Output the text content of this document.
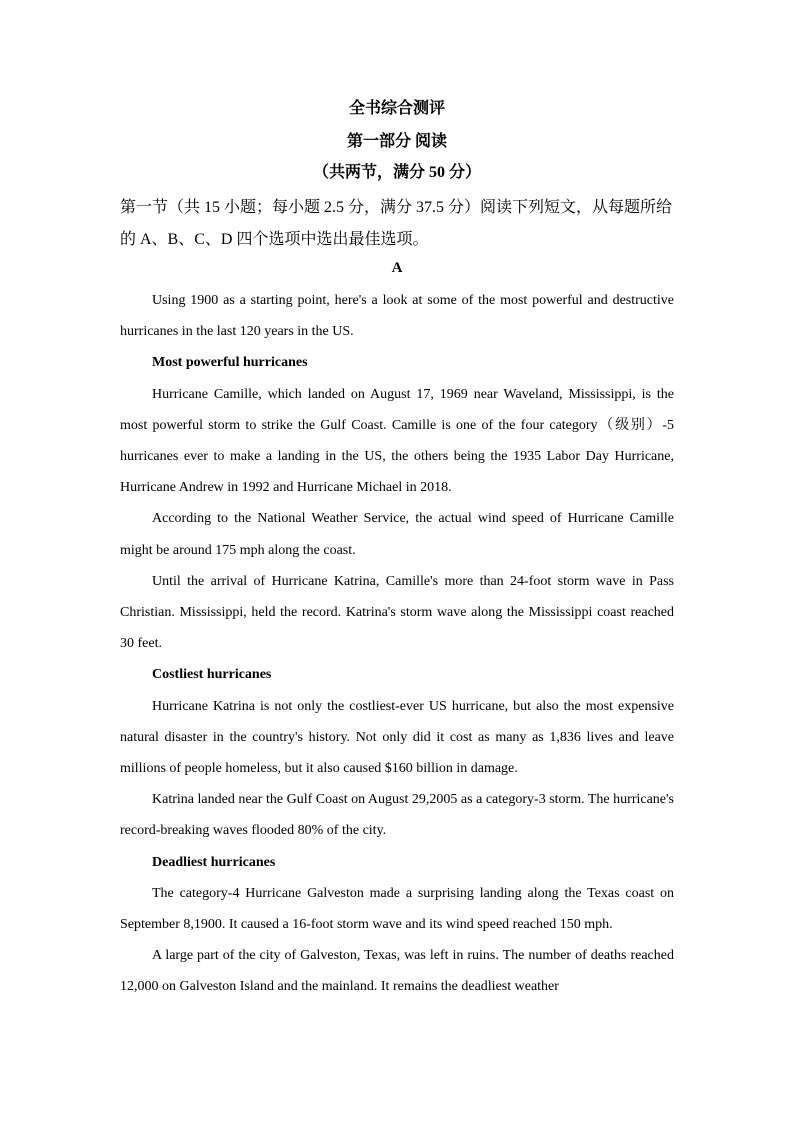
全书综合测评
第一部分 阅读
（共两节，满分 50 分）
第一节（共 15 小题；每小题 2.5 分，满分 37.5 分）阅读下列短文，从每题所给的 A、B、C、D 四个选项中选出最佳选项。
A

Using 1900 as a starting point, here's a look at some of the most powerful and destructive hurricanes in the last 120 years in the US.

Most powerful hurricanes

Hurricane Camille, which landed on August 17, 1969 near Waveland, Mississippi, is the most powerful storm to strike the Gulf Coast. Camille is one of the four category（级别）-5 hurricanes ever to make a landing in the US, the others being the 1935 Labor Day Hurricane, Hurricane Andrew in 1992 and Hurricane Michael in 2018.

According to the National Weather Service, the actual wind speed of Hurricane Camille might be around 175 mph along the coast.

Until the arrival of Hurricane Katrina, Camille's more than 24-foot storm wave in Pass Christian. Mississippi, held the record. Katrina's storm wave along the Mississippi coast reached 30 feet.

Costliest hurricanes

Hurricane Katrina is not only the costliest-ever US hurricane, but also the most expensive natural disaster in the country's history. Not only did it cost as many as 1,836 lives and leave millions of people homeless, but it also caused $160 billion in damage.

Katrina landed near the Gulf Coast on August 29,2005 as a category-3 storm. The hurricane's record-breaking waves flooded 80% of the city.

Deadliest hurricanes

The category-4 Hurricane Galveston made a surprising landing along the Texas coast on September 8,1900. It caused a 16-foot storm wave and its wind speed reached 150 mph.

A large part of the city of Galveston, Texas, was left in ruins. The number of deaths reached 12,000 on Galveston Island and the mainland. It remains the deadliest weather
